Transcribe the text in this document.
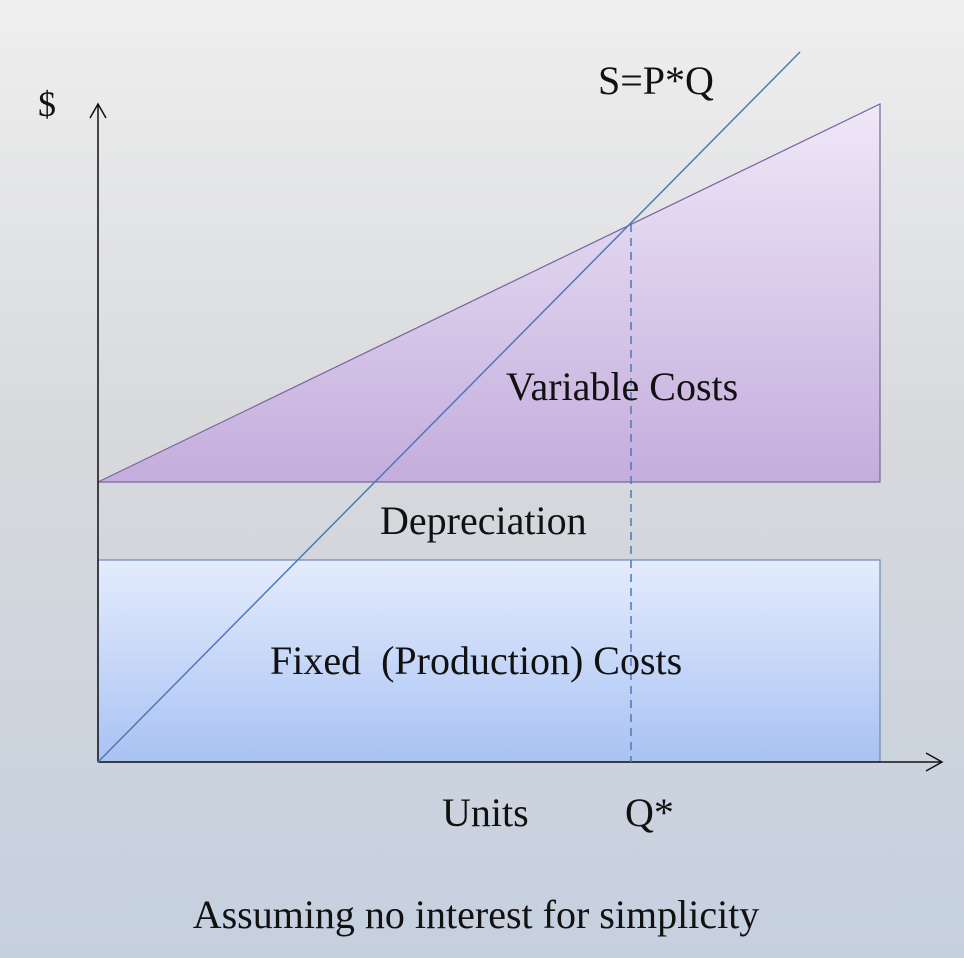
$
S=P*Q
Variable Costs
Depreciation
Fixed  (Production) Costs
Units Q*
Assuming no interest for simplicity
